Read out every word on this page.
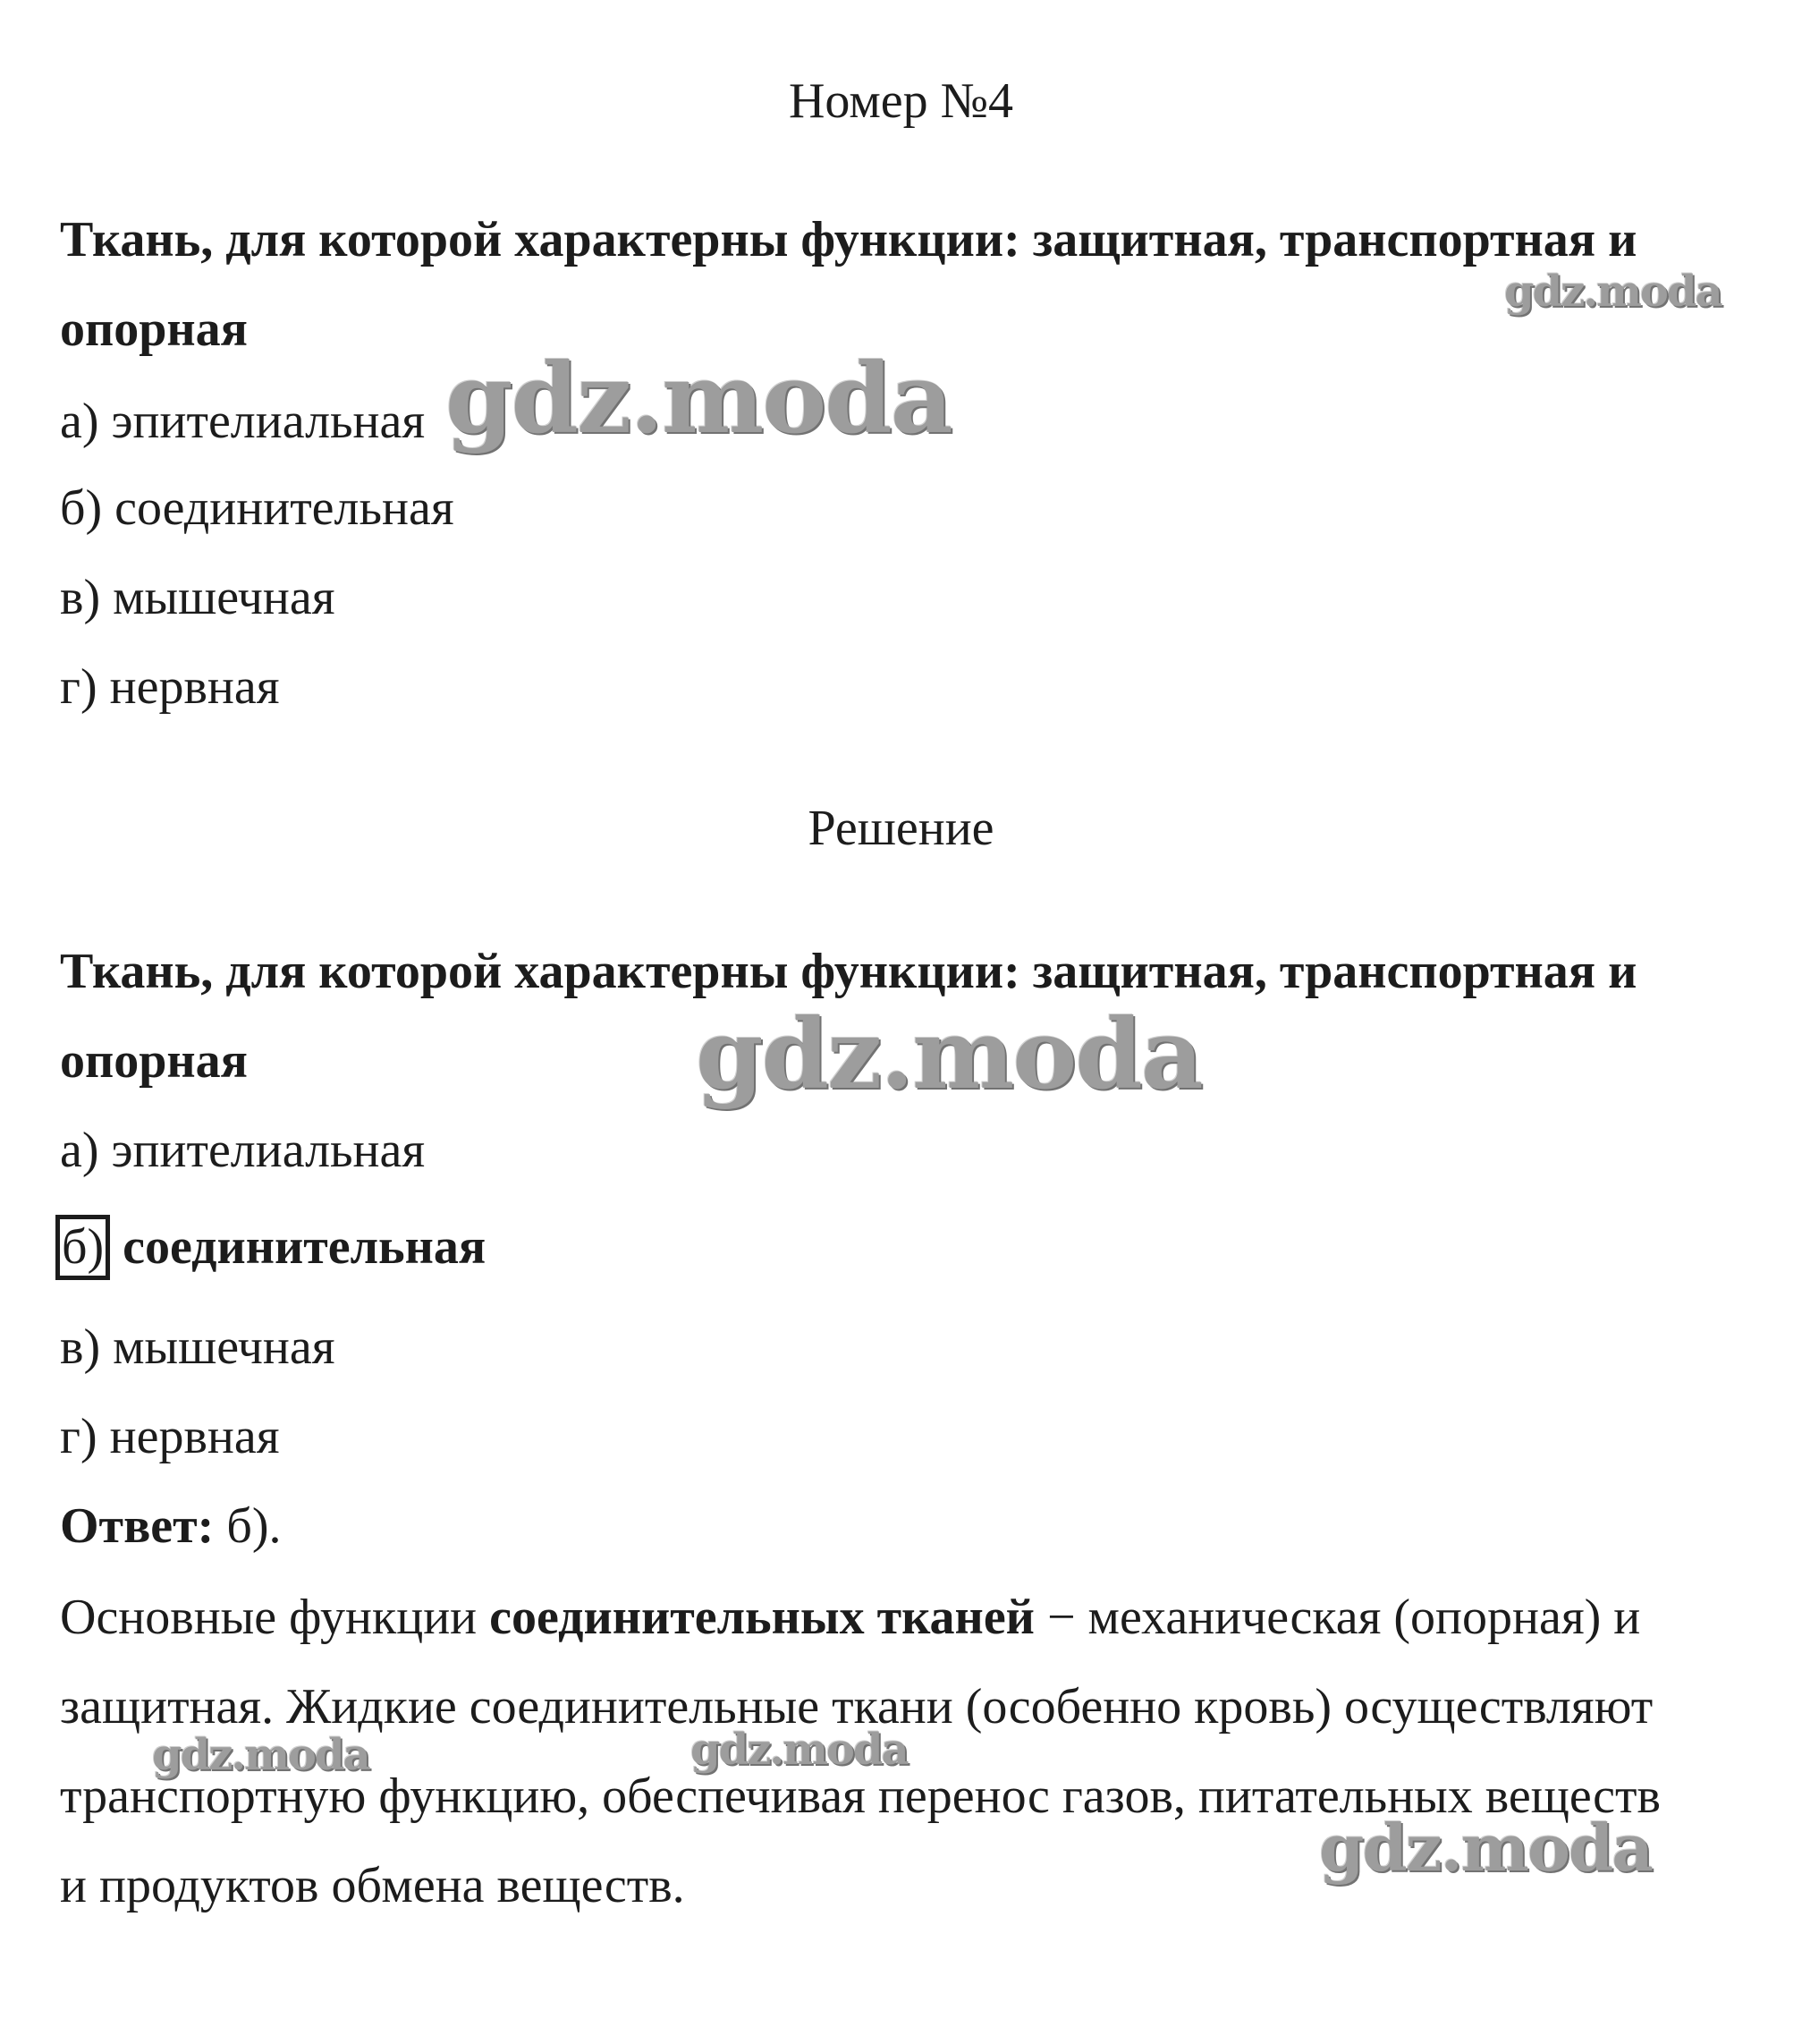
Номер №4
Ткань, для которой характерны функции: защитная, транспортная и
опорная
а) эпителиальная
б) соединительная
в) мышечная
г) нервная
Решение
Ткань, для которой характерны функции: защитная, транспортная и
опорная
а) эпителиальная
б) соединительная
в) мышечная
г) нервная
Ответ: б).
Основные функции соединительных тканей − механическая (опорная) и
защитная. Жидкие соединительные ткани (особенно кровь) осуществляют
транспортную функцию, обеспечивая перенос газов, питательных веществ
и продуктов обмена веществ.
gdz.moda
gdz.moda
gdz.moda
gdz.moda	gdz.moda
gdz.moda
